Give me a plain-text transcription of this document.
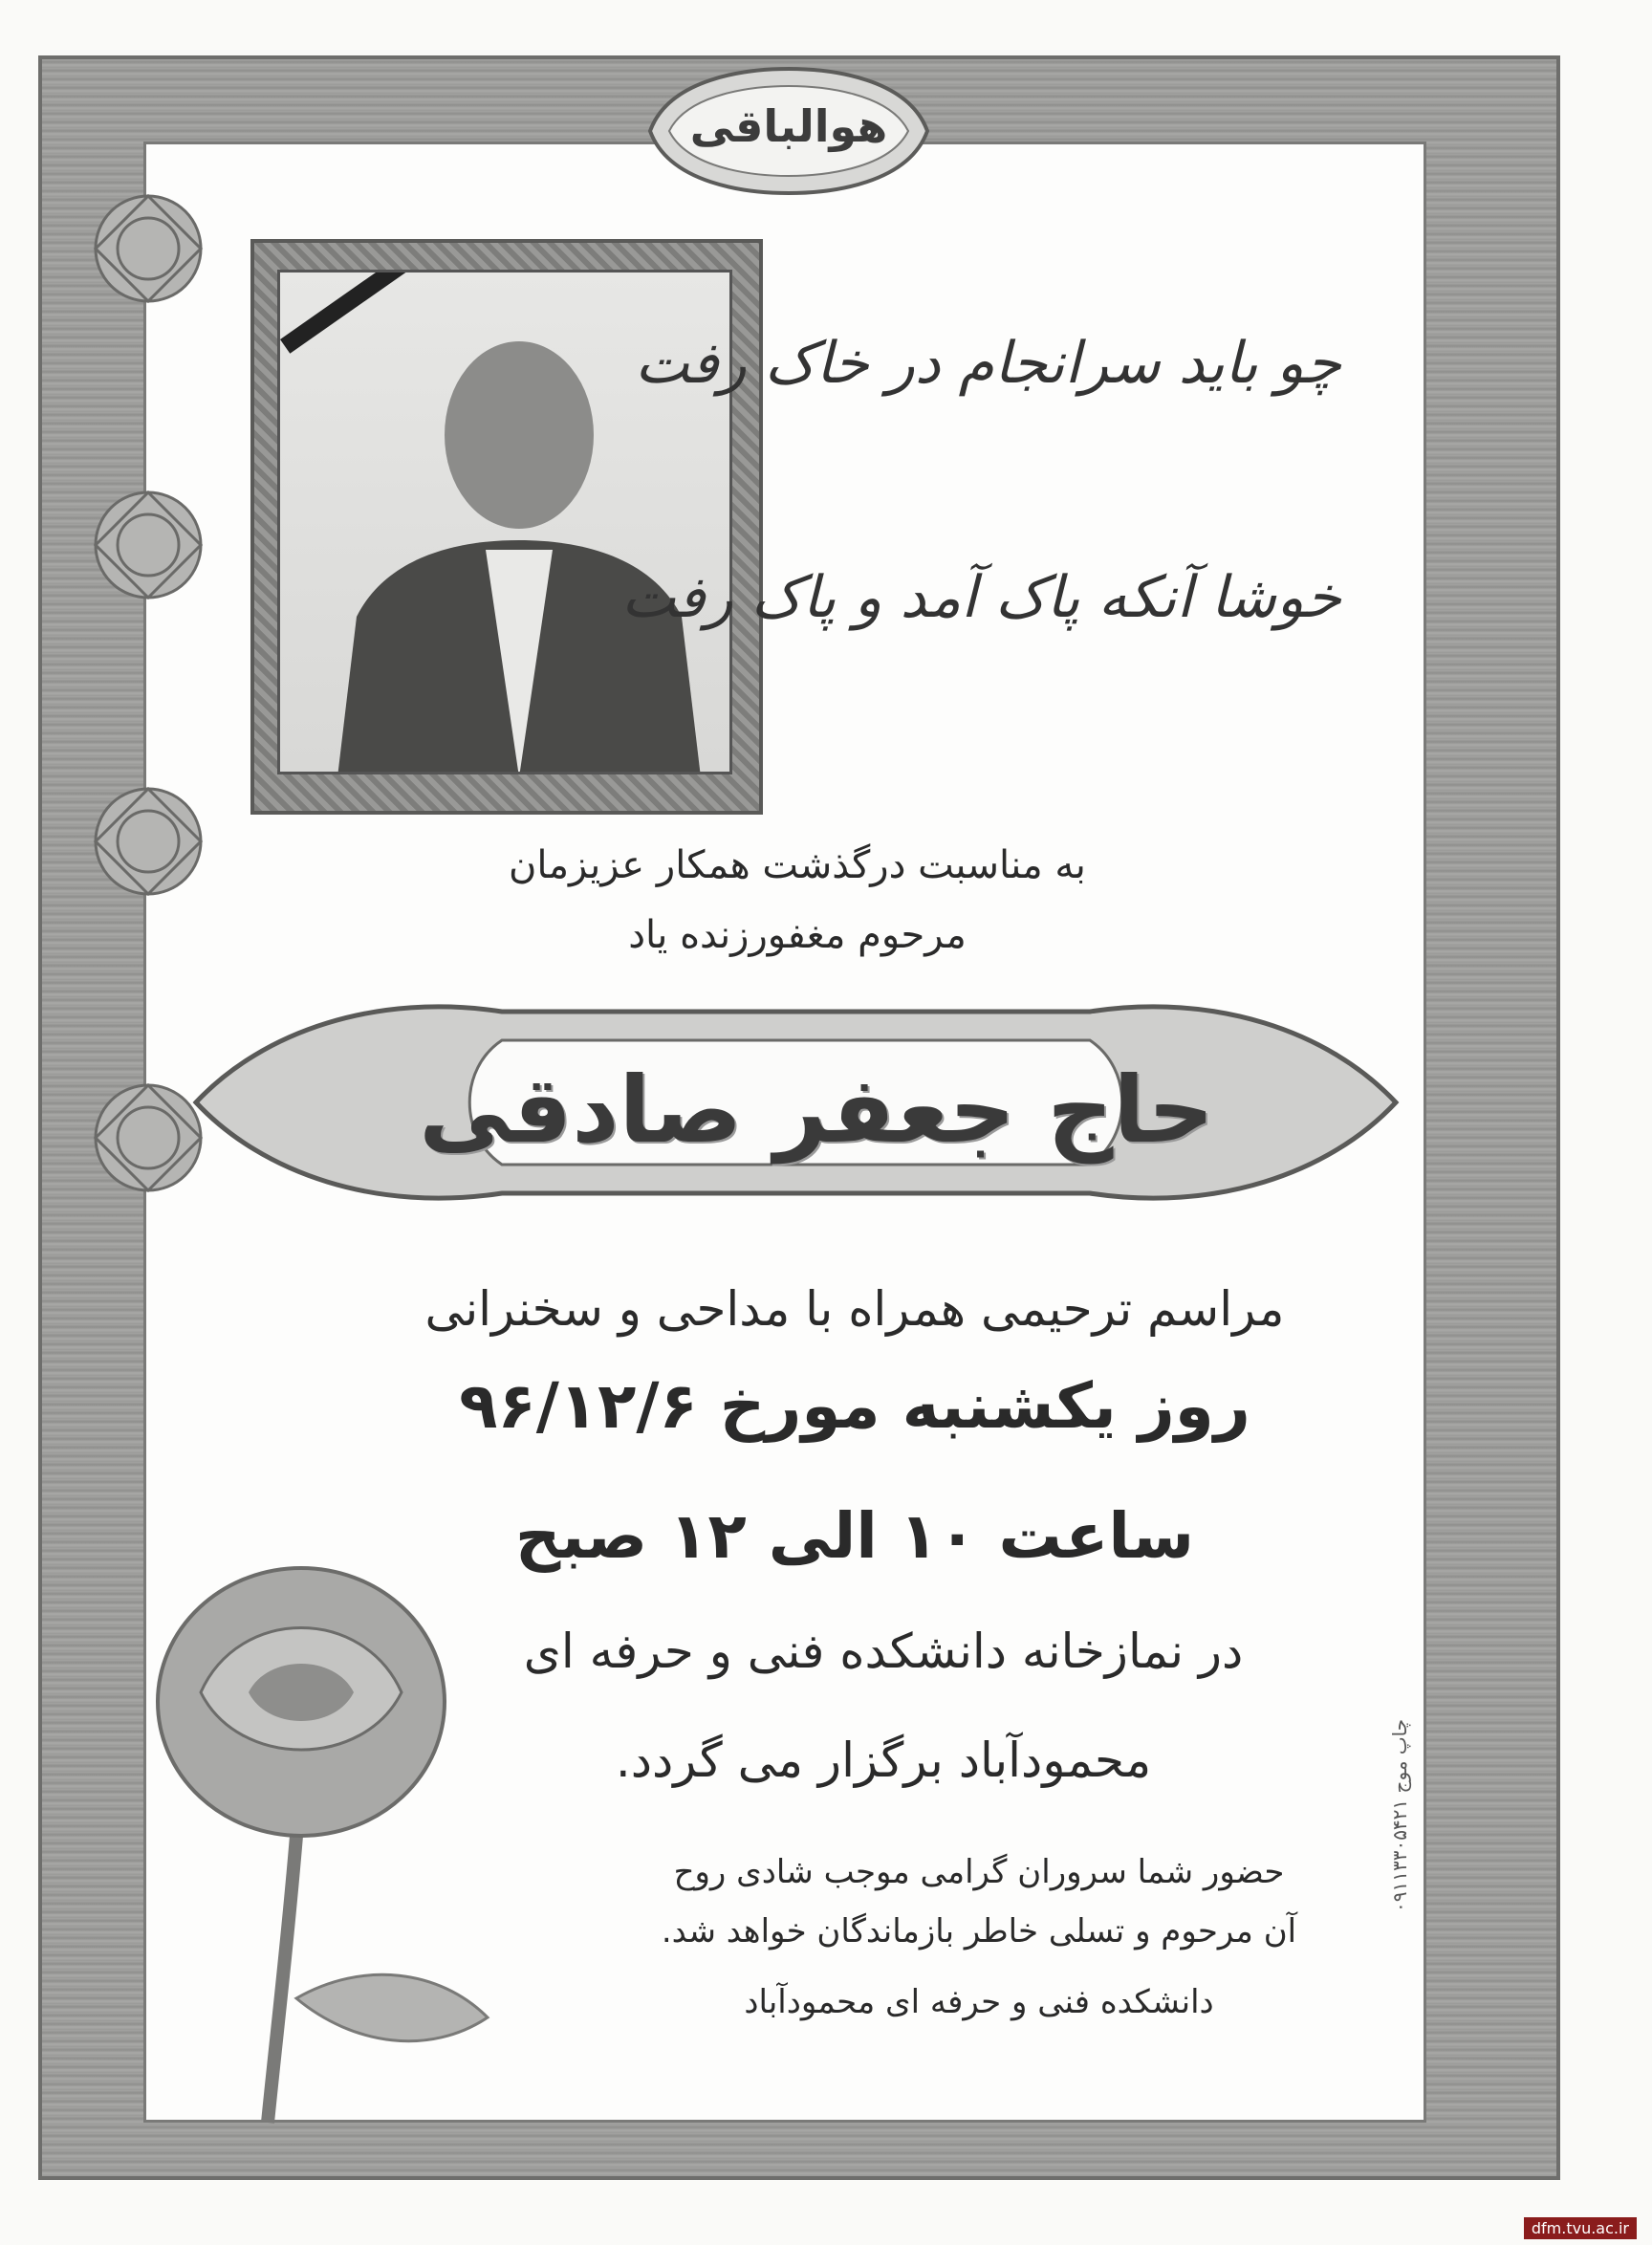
هوالباقی
چو باید سرانجام در خاک رفت
خوشا آنکه پاک آمد و پاک رفت
به مناسبت درگذشت همکار عزیزمان
مرحوم مغفورزنده یاد
حاج جعفر صادقی
مراسم ترحیمی همراه با مداحی و سخنرانی
روز یکشنبه مورخ ۹۶/۱۲/۶
ساعت ۱۰ الی ۱۲ صبح
در نمازخانه دانشکده فنی و حرفه ای
محمودآباد برگزار می گردد.
حضور شما سروران گرامی موجب شادی روح
آن مرحوم و تسلی خاطر بازماندگان خواهد شد.
دانشکده فنی و حرفه ای محمودآباد
چاپ موج ۰۹۱۱۳۳۰۵۴۲۱
dfm.tvu.ac.ir
